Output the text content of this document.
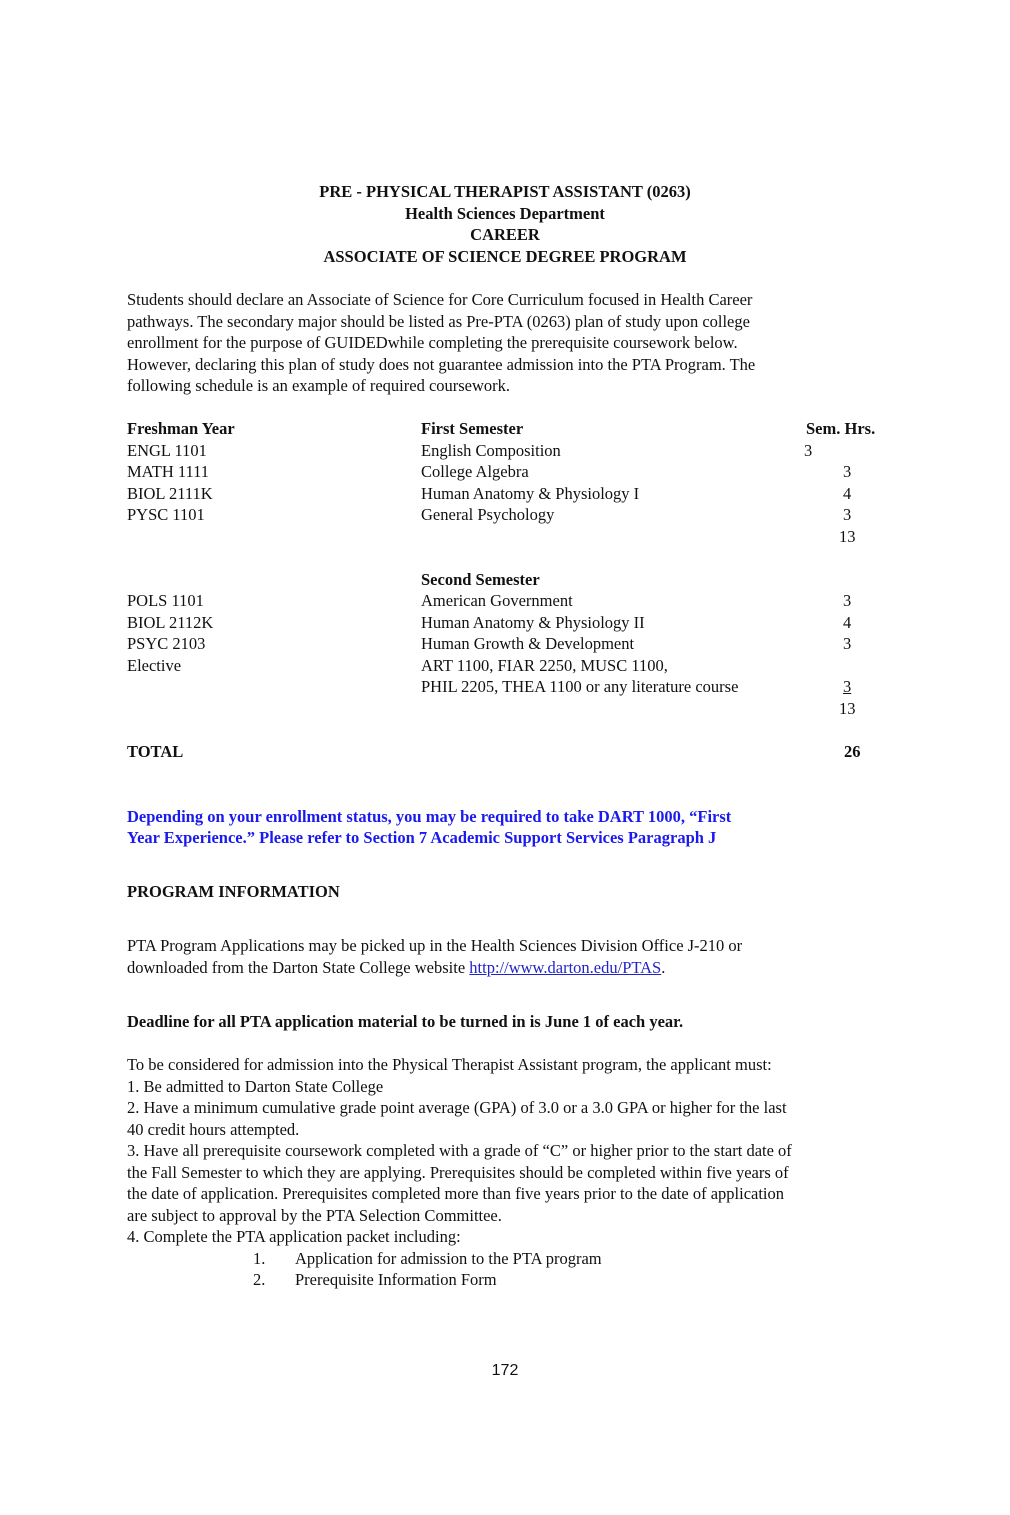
PRE - PHYSICAL THERAPIST ASSISTANT (0263)
Health Sciences Department
CAREER
ASSOCIATE OF SCIENCE DEGREE PROGRAM
Students should declare an Associate of Science for Core Curriculum focused in Health Career
pathways. The secondary major should be listed as Pre-PTA (0263) plan of study upon college
enrollment for the purpose of GUIDEDwhile completing the prerequisite coursework below.
However, declaring this plan of study does not guarantee admission into the PTA Program. The
following schedule is an example of required coursework.
Freshman Year	First Semester	Sem. Hrs.
ENGL 1101	English Composition	3
MATH 1111	College Algebra	3
BIOL 2111K	Human Anatomy & Physiology I	4
PYSC 1101	General Psychology	3
13
Second Semester
POLS 1101	American Government	3
BIOL 2112K	Human Anatomy & Physiology II	4
PSYC 2103	Human Growth & Development	3
Elective	ART 1100, FIAR 2250, MUSC 1100,
PHIL 2205, THEA 1100 or any literature course	3
13
TOTAL	26
Depending on your enrollment status, you may be required to take DART 1000, “First
Year Experience.” Please refer to Section 7 Academic Support Services Paragraph J
PROGRAM INFORMATION
PTA Program Applications may be picked up in the Health Sciences Division Office J-210 or
downloaded from the Darton State College website http://www.darton.edu/PTAS.
Deadline for all PTA application material to be turned in is June 1 of each year.
To be considered for admission into the Physical Therapist Assistant program, the applicant must:
1. Be admitted to Darton State College
2. Have a minimum cumulative grade point average (GPA) of 3.0 or a 3.0 GPA or higher for the last
40 credit hours attempted.
3. Have all prerequisite coursework completed with a grade of “C” or higher prior to the start date of
the Fall Semester to which they are applying. Prerequisites should be completed within five years of
the date of application. Prerequisites completed more than five years prior to the date of application
are subject to approval by the PTA Selection Committee.
4. Complete the PTA application packet including:
1. Application for admission to the PTA program
2. Prerequisite Information Form
172
